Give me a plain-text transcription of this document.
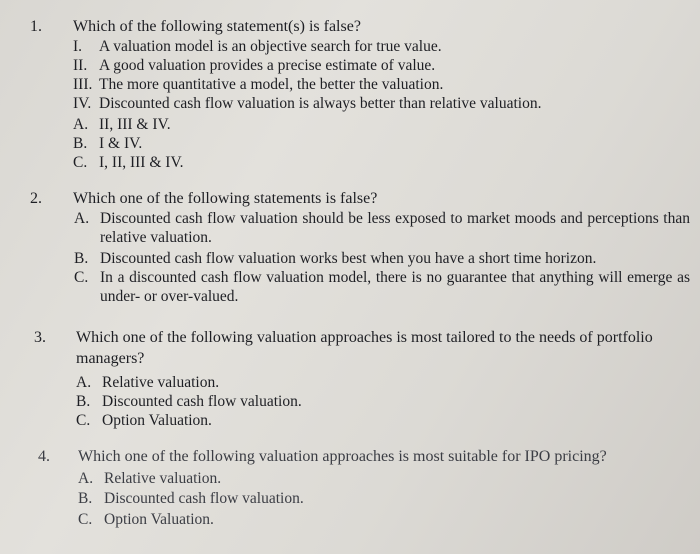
1. Which of the following statement(s) is false?
I. A valuation model is an objective search for true value.
II. A good valuation provides a precise estimate of value.
III. The more quantitative a model, the better the valuation.
IV. Discounted cash flow valuation is always better than relative valuation.
A. II, III & IV.
B. I & IV.
C. I, II, III & IV.
2. Which one of the following statements is false?
A. Discounted cash flow valuation should be less exposed to market moods and perceptions than relative valuation.
B. Discounted cash flow valuation works best when you have a short time horizon.
C. In a discounted cash flow valuation model, there is no guarantee that anything will emerge as under- or over-valued.
3. Which one of the following valuation approaches is most tailored to the needs of portfolio managers?
A. Relative valuation.
B. Discounted cash flow valuation.
C. Option Valuation.
4. Which one of the following valuation approaches is most suitable for IPO pricing?
A. Relative valuation.
B. Discounted cash flow valuation.
C. Option Valuation.
